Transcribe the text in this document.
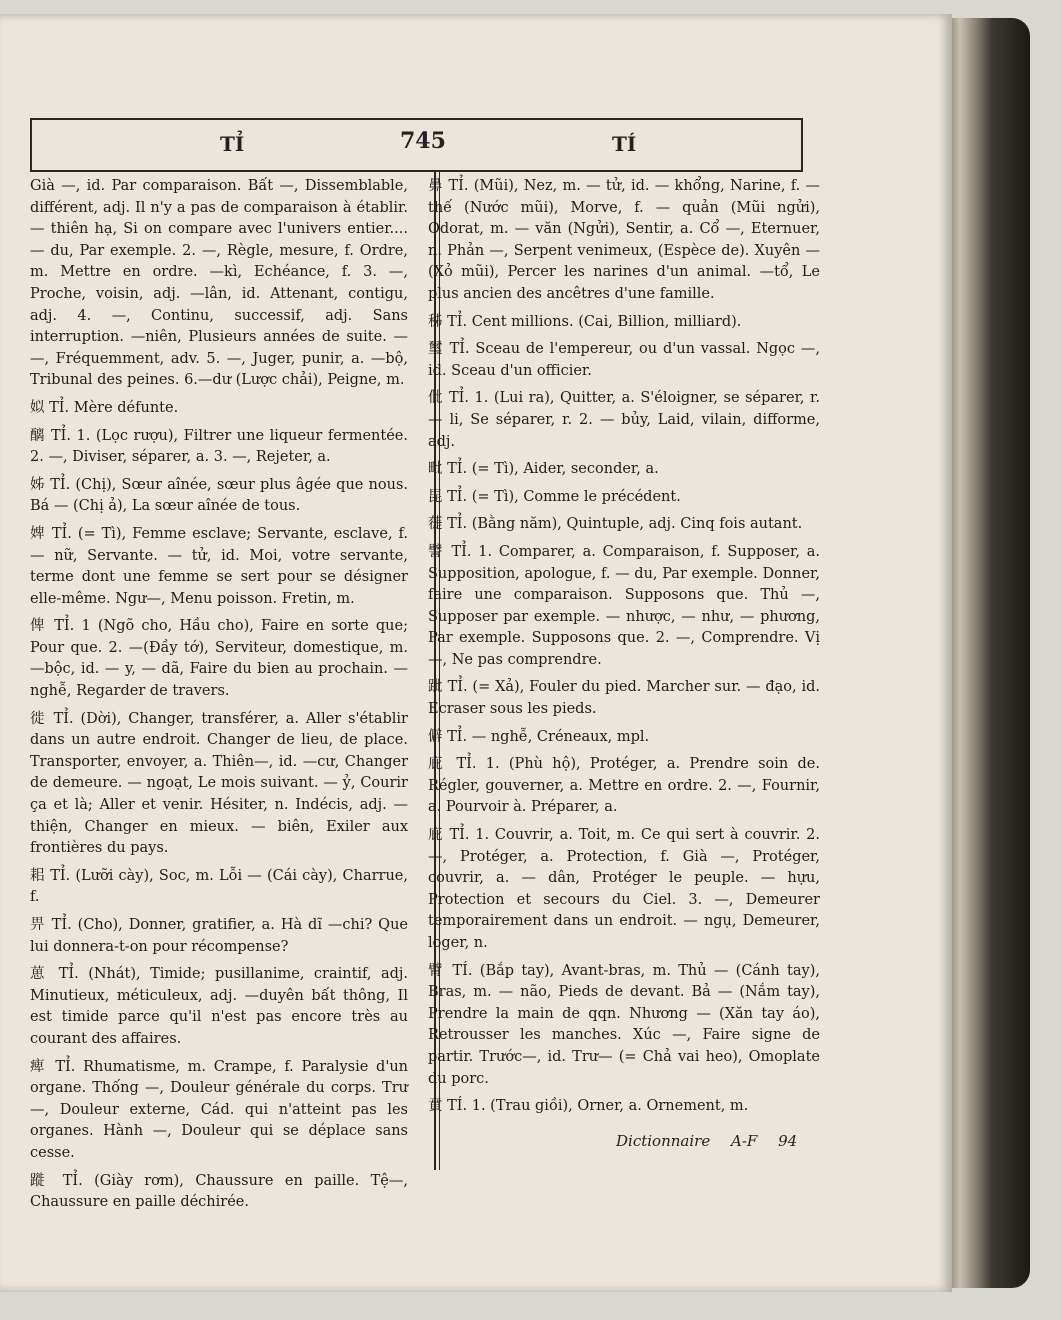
TỈ	745	TÍ

Già —, id. Par comparaison. Bất —, Dissemblable, différent, adj. Il n'y a pas de comparaison à établir. — thiên hạ, Si on compare avec l'univers entier.... — du, Par exemple. 2. —, Règle, mesure, f. Ordre, m. Mettre en ordre. —kì, Echéance, f. 3. —, Proche, voisin, adj. —lân, id. Attenant, contigu, adj. 4. —, Continu, successif, adj. Sans interruption. —niên, Plusieurs années de suite. — —, Fréquemment, adv. 5. —, Juger, punir, a. —bộ, Tribunal des peines. 6.—dư (Lược chải), Peigne, m.

姒 TỈ. Mère défunte.

醨 TỈ. 1. (Lọc rượu), Filtrer une liqueur fermentée. 2. —, Diviser, séparer, a. 3. —, Rejeter, a.

姊 TỈ. (Chị), Sœur aînée, sœur plus âgée que nous. Bá — (Chị ả), La sœur aînée de tous.

婢 TỈ. (= Tì), Femme esclave; Servante, esclave, f. — nữ, Servante. — tử, id. Moi, votre servante, terme dont une femme se sert pour se désigner elle-même. Ngư—, Menu poisson. Fretin, m.

俾 TỈ. 1 (Ngõ cho, Hầu cho), Faire en sorte que; Pour que. 2. —(Đầy tớ), Serviteur, domestique, m. —bộc, id. — y, — dã, Faire du bien au prochain. —nghễ, Regarder de travers.

徙 TỈ. (Dời), Changer, transférer, a. Aller s'établir dans un autre endroit. Changer de lieu, de place. Transporter, envoyer, a. Thiên—, id. —cư, Changer de demeure. — ngoạt, Le mois suivant. — ỷ, Courir ça et là; Aller et venir. Hésiter, n. Indécis, adj. —thiện, Changer en mieux. — biên, Exiler aux frontières du pays.

耜 TỈ. (Lưỡi cày), Soc, m. Lỗi — (Cái cày), Charrue, f.

畀 TỈ. (Cho), Donner, gratifier, a. Hà dĩ —chi? Que lui donnera-t-on pour récompense?

葸 TỈ. (Nhát), Timide; pusillanime, craintif, adj. Minutieux, méticuleux, adj. —duyên bất thông, Il est timide parce qu'il n'est pas encore très au courant des affaires.

痺 TỈ. Rhumatisme, m. Crampe, f. Paralysie d'un organe. Thống —, Douleur générale du corps. Trư —, Douleur externe, Cád. qui n'atteint pas les organes. Hành —, Douleur qui se déplace sans cesse.

蹝 TỈ. (Giày rơm), Chaussure en paille. Tệ—, Chaussure en paille déchirée.

鼻 TỈ. (Mũi), Nez, m. — tử, id. — khổng, Narine, f. — thế (Nước mũi), Morve, f. — quản (Mũi ngửi), Odorat, m. — văn (Ngửi), Sentir, a. Cổ —, Eternuer, n. Phản —, Serpent venimeux, (Espèce de). Xuyên — (Xỏ mũi), Percer les narines d'un animal. —tổ, Le plus ancien des ancêtres d'une famille.

秭 TỈ. Cent millions. (Cai, Billion, milliard).

璽 TỈ. Sceau de l'empereur, ou d'un vassal. Ngọc —, id. Sceau d'un officier.

仳 TỈ. 1. (Lui ra), Quitter, a. S'éloigner, se séparer, r. — li, Se séparer, r. 2. — bủy, Laid, vilain, difforme, adj.

毗 TỈ. (= Tì), Aider, seconder, a.

毘 TỈ. (= Tì), Comme le précédent.

蓰 TỈ. (Bằng năm), Quintuple, adj. Cinq fois autant.

譬 TỈ. 1. Comparer, a. Comparaison, f. Supposer, a. Supposition, apologue, f. — du, Par exemple. Donner, faire une comparaison. Supposons que. Thủ —, Supposer par exemple. — nhược, — như, — phương, Par exemple. Supposons que. 2. —, Comprendre. Vị —, Ne pas comprendre.

跐 TỈ. (= Xả), Fouler du pied. Marcher sur. — đạo, id. Ecraser sous les pieds.

僻 TỈ. — nghễ, Créneaux, mpl.

庇 TỈ. 1. (Phù hộ), Protéger, a. Prendre soin de. Régler, gouverner, a. Mettre en ordre. 2. —, Fournir, a. Pourvoir à. Préparer, a.

庇 TỈ. 1. Couvrir, a. Toit, m. Ce qui sert à couvrir. 2. —, Protéger, a. Protection, f. Già —, Protéger, couvrir, a. — dân, Protéger le peuple. — hựu, Protection et secours du Ciel. 3. —, Demeurer temporairement dans un endroit. — ngụ, Demeurer, loger, n.

臂 TÍ. (Bắp tay), Avant-bras, m. Thủ — (Cánh tay), Bras, m. — não, Pieds de devant. Bả — (Nắm tay), Prendre la main de qqn. Nhương — (Xăn tay áo), Retrousser les manches. Xúc —, Faire signe de partir. Trước—, id. Trư— (= Chả vai heo), Omoplate du porc.

賁 TÍ. 1. (Trau giồi), Orner, a. Ornement, m.

Dictionnaire A-F 94
